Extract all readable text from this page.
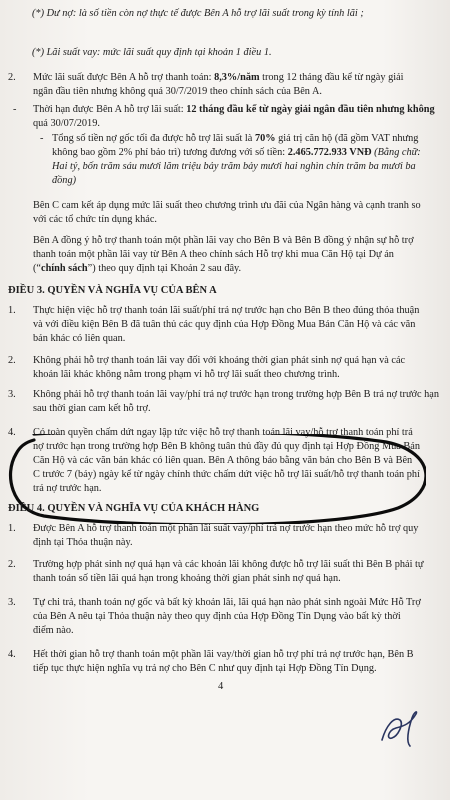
(*) Dư nợ: là số tiền còn nợ thực tế được Bên A hỗ trợ lãi suất trong kỳ tính lãi ;
(*) Lãi suất vay: mức lãi suất quy định tại khoản 1 điều 1.
2. Mức lãi suất được Bên A hỗ trợ thanh toán: 8,3%/năm trong 12 tháng đầu kể từ ngày giải
ngân đầu tiên nhưng không quá 30/7/2019 theo chính sách của Bên A.
- Thời hạn được Bên A hỗ trợ lãi suất: 12 tháng đầu kể từ ngày giải ngân đầu tiên nhưng không
quá 30/07/2019.
- Tổng số tiền nợ gốc tối đa được hỗ trợ lãi suất là 70% giá trị căn hộ (đã gồm VAT nhưng
không bao gồm 2% phí bảo trì) tương đương với số tiền: 2.465.772.933 VNĐ (Bằng chữ:
Hai tỷ, bốn trăm sáu mươi lăm triệu bảy trăm bảy mươi hai nghìn chín trăm ba mươi ba
đồng)
Bên C cam kết áp dụng mức lãi suất theo chương trình ưu đãi của Ngân hàng và cạnh tranh so
với các tổ chức tín dụng khác.
Bên A đồng ý hỗ trợ thanh toán một phần lãi vay cho Bên B và Bên B đồng ý nhận sự hỗ trợ
thanh toán một phần lãi vay từ Bên A theo chính sách Hỗ trợ khi mua Căn Hộ tại Dự án
(“chính sách”) theo quy định tại Khoản 2 sau đây.
ĐIỀU 3. QUYỀN VÀ NGHĨA VỤ CỦA BÊN A
1. Thực hiện việc hỗ trợ thanh toán lãi suất/phí trả nợ trước hạn cho Bên B theo đúng thỏa thuận
và với điều kiện Bên B đã tuân thủ các quy định của Hợp Đồng Mua Bán Căn Hộ và các văn
bản khác có liên quan.
2. Không phải hỗ trợ thanh toán lãi vay đối với khoảng thời gian phát sinh nợ quá hạn và các
khoản lãi khác không nằm trong phạm vi hỗ trợ lãi suất theo chương trình.
3. Không phải hỗ trợ thanh toán lãi vay/phí trả nợ trước hạn trong trường hợp Bên B trả nợ trước hạn
sau thời gian cam kết hỗ trợ.
4. Có toàn quyền chấm dứt ngay lập tức việc hỗ trợ thanh toán lãi vay/hỗ trợ thanh toán phí trả
nợ trước hạn trong trường hợp Bên B không tuân thủ đầy đủ quy định tại Hợp Đồng Mua Bán
Căn Hộ và các văn bản khác có liên quan. Bên A thông báo bằng văn bản cho Bên B và Bên
C trước 7 (bảy) ngày kể từ ngày chính thức chấm dứt việc hỗ trợ lãi suất/hỗ trợ thanh toán phí
trả nợ trước hạn.
ĐIỀU 4. QUYỀN VÀ NGHĨA VỤ CỦA KHÁCH HÀNG
1. Được Bên A hỗ trợ thanh toán một phần lãi suất vay/phí trả nợ trước hạn theo mức hỗ trợ quy
định tại Thỏa thuận này.
2. Trường hợp phát sinh nợ quá hạn và các khoản lãi không được hỗ trợ lãi suất thì Bên B phải tự
thanh toán số tiền lãi quá hạn trong khoảng thời gian phát sinh nợ quá hạn.
3. Tự chi trả, thanh toán nợ gốc và bất kỳ khoản lãi, lãi quá hạn nào phát sinh ngoài Mức Hỗ Trợ
của Bên A nêu tại Thỏa thuận này theo quy định của Hợp Đồng Tín Dụng vào bất kỳ thời
điểm nào.
4. Hết thời gian hỗ trợ thanh toán một phần lãi vay/thời gian hỗ trợ phí trả nợ trước hạn, Bên B
tiếp tục thực hiện nghĩa vụ trả nợ cho Bên C như quy định tại Hợp Đồng Tín Dụng.
4
